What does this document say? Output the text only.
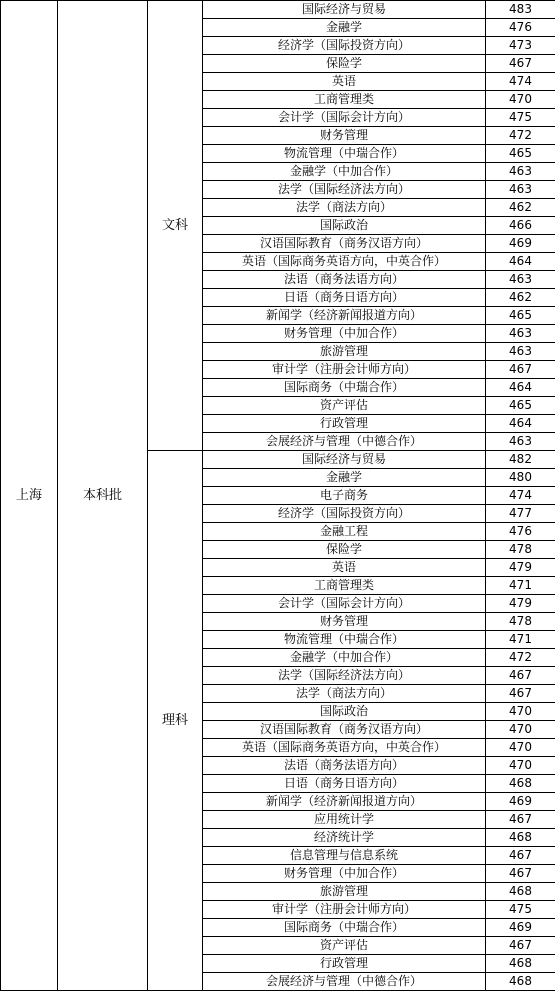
上海	本科批	文科	国际经济与贸易	483
			金融学	476
			经济学（国际投资方向）	473
			保险学	467
			英语	474
			工商管理类	470
			会计学（国际会计方向）	475
			财务管理	472
			物流管理（中瑞合作）	465
			金融学（中加合作）	463
			法学（国际经济法方向）	463
			法学（商法方向）	462
			国际政治	466
			汉语国际教育（商务汉语方向）	469
			英语（国际商务英语方向，中英合作）	464
			法语（商务法语方向）	463
			日语（商务日语方向）	462
			新闻学（经济新闻报道方向）	465
			财务管理（中加合作）	463
			旅游管理	463
			审计学（注册会计师方向）	467
			国际商务（中瑞合作）	464
			资产评估	465
			行政管理	464
			会展经济与管理（中德合作）	463
		理科	国际经济与贸易	482
			金融学	480
			电子商务	474
			经济学（国际投资方向）	477
			金融工程	476
			保险学	478
			英语	479
			工商管理类	471
			会计学（国际会计方向）	479
			财务管理	478
			物流管理（中瑞合作）	471
			金融学（中加合作）	472
			法学（国际经济法方向）	467
			法学（商法方向）	467
			国际政治	470
			汉语国际教育（商务汉语方向）	470
			英语（国际商务英语方向，中英合作）	470
			法语（商务法语方向）	470
			日语（商务日语方向）	468
			新闻学（经济新闻报道方向）	469
			应用统计学	467
			经济统计学	468
			信息管理与信息系统	467
			财务管理（中加合作）	467
			旅游管理	468
			审计学（注册会计师方向）	475
			国际商务（中瑞合作）	469
			资产评估	467
			行政管理	468
			会展经济与管理（中德合作）	468
